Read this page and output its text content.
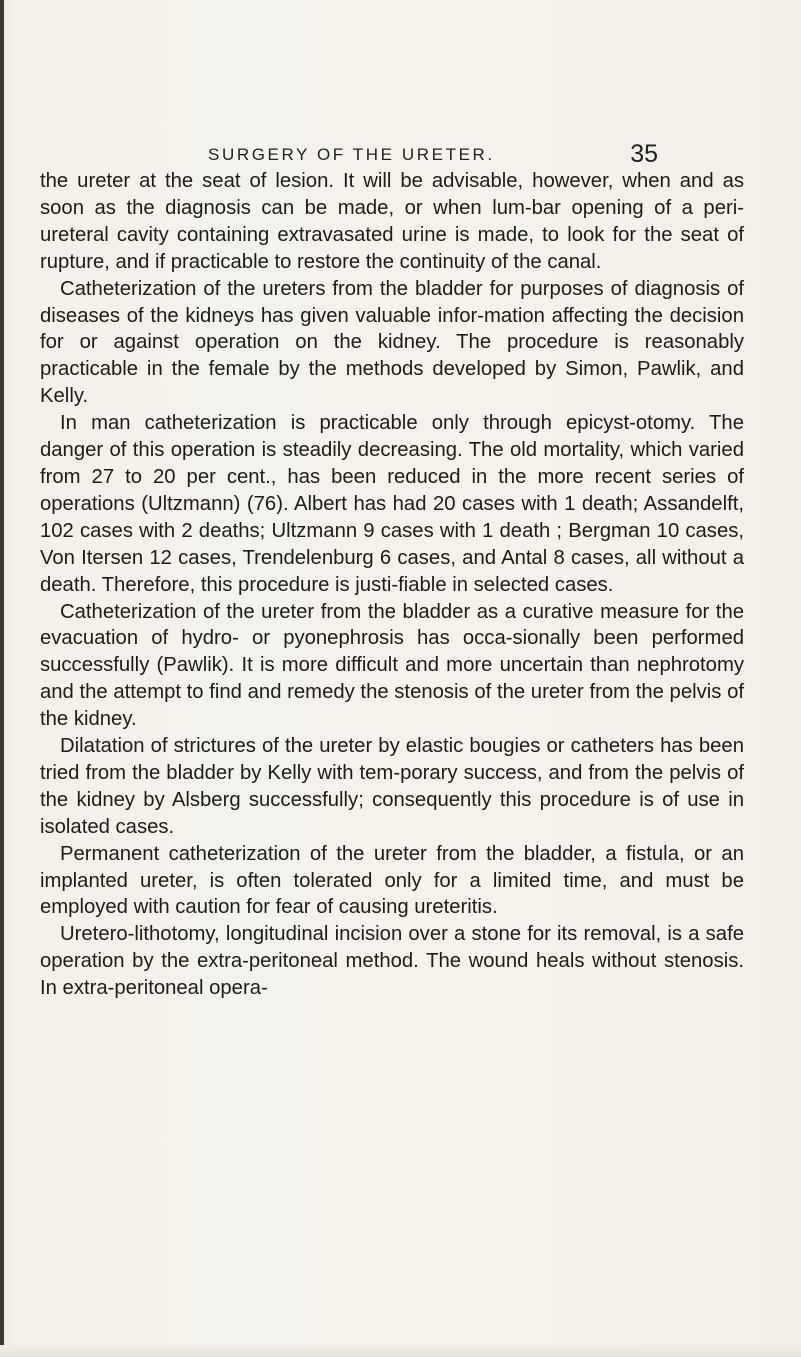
SURGERY OF THE URETER.	35

the ureter at the seat of lesion. It will be advisable, however, when and as soon as the diagnosis can be made, or when lum-bar opening of a peri-ureteral cavity containing extravasated urine is made, to look for the seat of rupture, and if practicable to restore the continuity of the canal.

Catheterization of the ureters from the bladder for purposes of diagnosis of diseases of the kidneys has given valuable infor-mation affecting the decision for or against operation on the kidney. The procedure is reasonably practicable in the female by the methods developed by Simon, Pawlik, and Kelly.

In man catheterization is practicable only through epicyst-otomy. The danger of this operation is steadily decreasing. The old mortality, which varied from 27 to 20 per cent., has been reduced in the more recent series of operations (Ultzmann) (76). Albert has had 20 cases with 1 death; Assandelft, 102 cases with 2 deaths; Ultzmann 9 cases with 1 death ; Bergman 10 cases, Von Itersen 12 cases, Trendelenburg 6 cases, and Antal 8 cases, all without a death. Therefore, this procedure is justi-fiable in selected cases.

Catheterization of the ureter from the bladder as a curative measure for the evacuation of hydro- or pyonephrosis has occa-sionally been performed successfully (Pawlik). It is more difficult and more uncertain than nephrotomy and the attempt to find and remedy the stenosis of the ureter from the pelvis of the kidney.

Dilatation of strictures of the ureter by elastic bougies or catheters has been tried from the bladder by Kelly with tem-porary success, and from the pelvis of the kidney by Alsberg successfully; consequently this procedure is of use in isolated cases.

Permanent catheterization of the ureter from the bladder, a fistula, or an implanted ureter, is often tolerated only for a limited time, and must be employed with caution for fear of causing ureteritis.

Uretero-lithotomy, longitudinal incision over a stone for its removal, is a safe operation by the extra-peritoneal method. The wound heals without stenosis. In extra-peritoneal opera-
